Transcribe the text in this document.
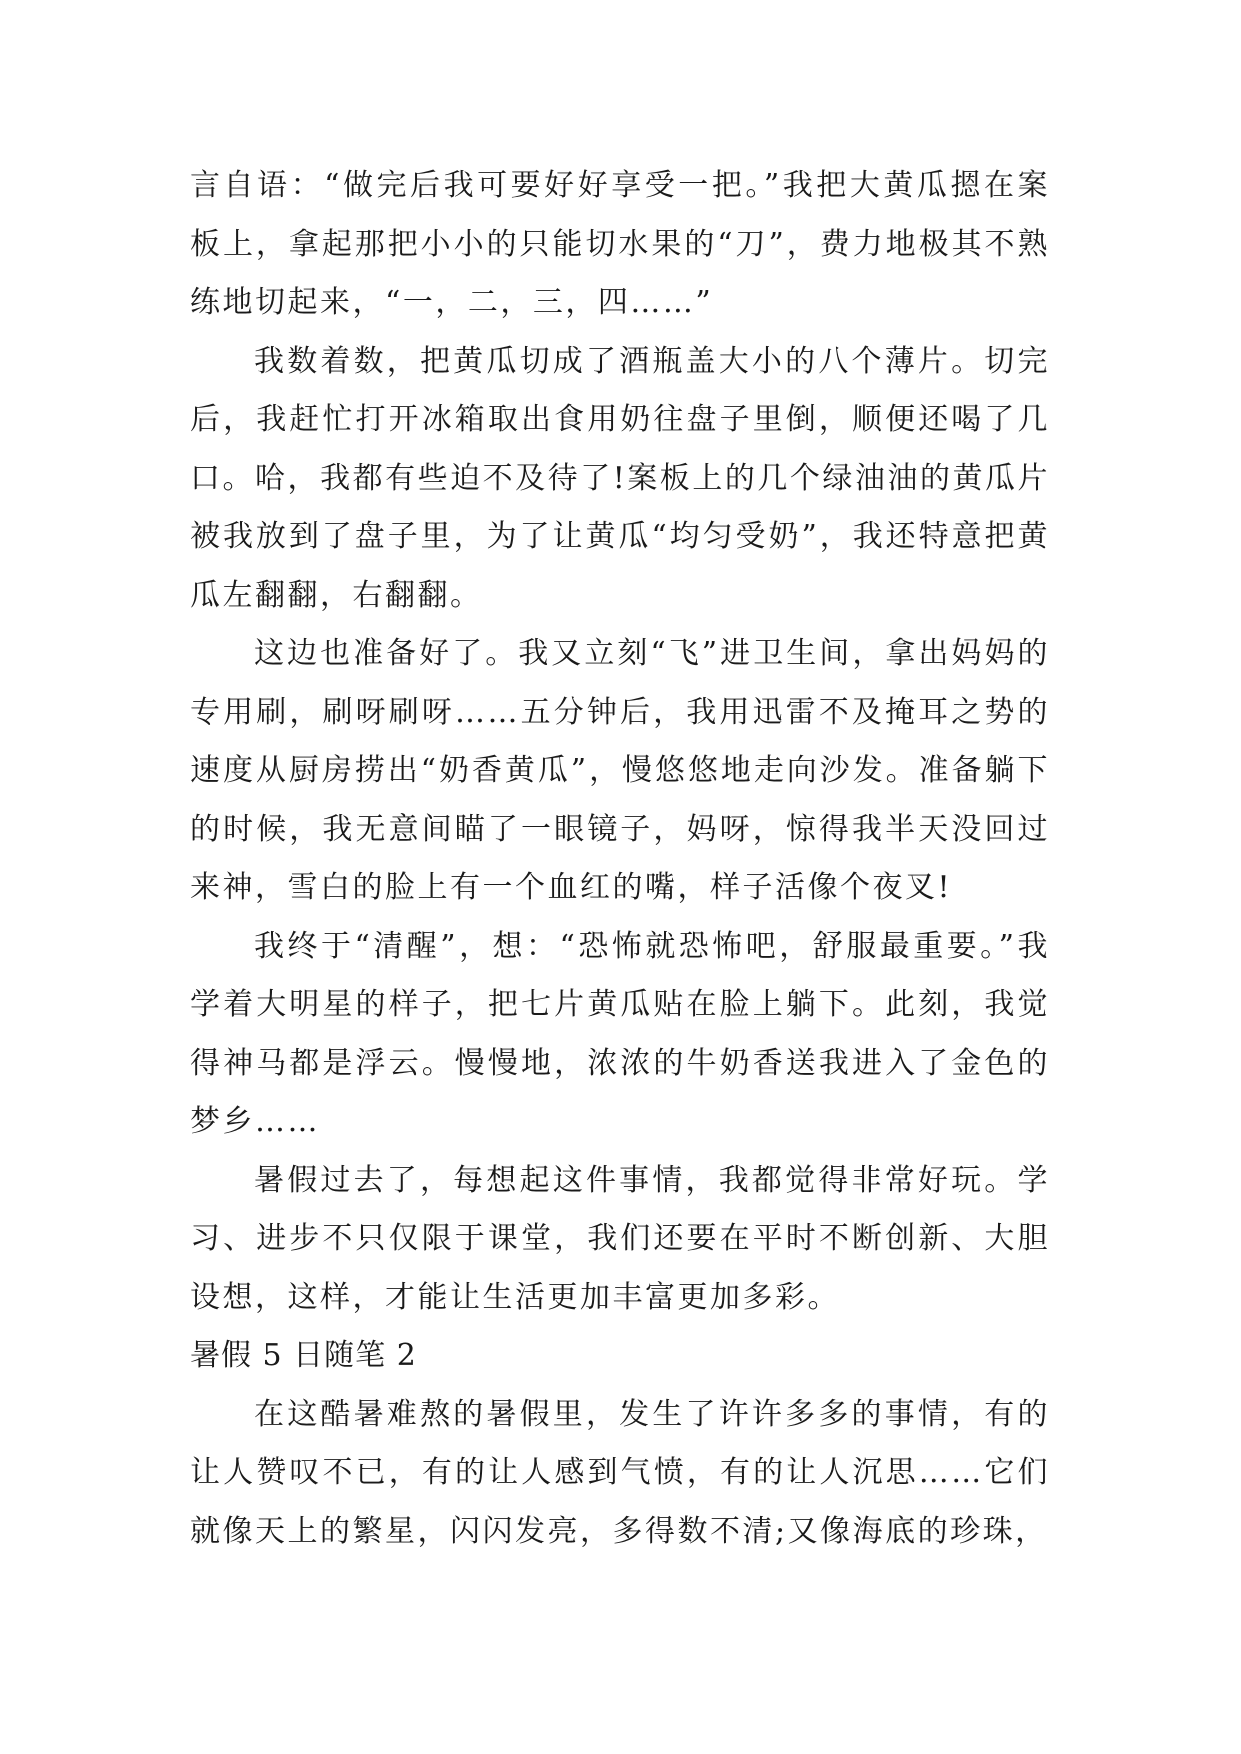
言自语：“做完后我可要好好享受一把。”我把大黄瓜摁在案板上，拿起那把小小的只能切水果的“刀”，费力地极其不熟练地切起来，“一，二，三，四……”

我数着数，把黄瓜切成了酒瓶盖大小的八个薄片。切完后，我赶忙打开冰箱取出食用奶往盘子里倒，顺便还喝了几口。哈，我都有些迫不及待了!案板上的几个绿油油的黄瓜片被我放到了盘子里，为了让黄瓜“均匀受奶”，我还特意把黄瓜左翻翻，右翻翻。

这边也准备好了。我又立刻“飞”进卫生间，拿出妈妈的专用刷，刷呀刷呀……五分钟后，我用迅雷不及掩耳之势的速度从厨房捞出“奶香黄瓜”，慢悠悠地走向沙发。准备躺下的时候，我无意间瞄了一眼镜子，妈呀，惊得我半天没回过来神，雪白的脸上有一个血红的嘴，样子活像个夜叉!

我终于“清醒”，想：“恐怖就恐怖吧，舒服最重要。”我学着大明星的样子，把七片黄瓜贴在脸上躺下。此刻，我觉得神马都是浮云。慢慢地，浓浓的牛奶香送我进入了金色的梦乡……

暑假过去了，每想起这件事情，我都觉得非常好玩。学习、进步不只仅限于课堂，我们还要在平时不断创新、大胆设想，这样，才能让生活更加丰富更加多彩。

暑假 5 日随笔 2

在这酷暑难熬的暑假里，发生了许许多多的事情，有的让人赞叹不已，有的让人感到气愤，有的让人沉思……它们就像天上的繁星，闪闪发亮，多得数不清;又像海底的珍珠，
